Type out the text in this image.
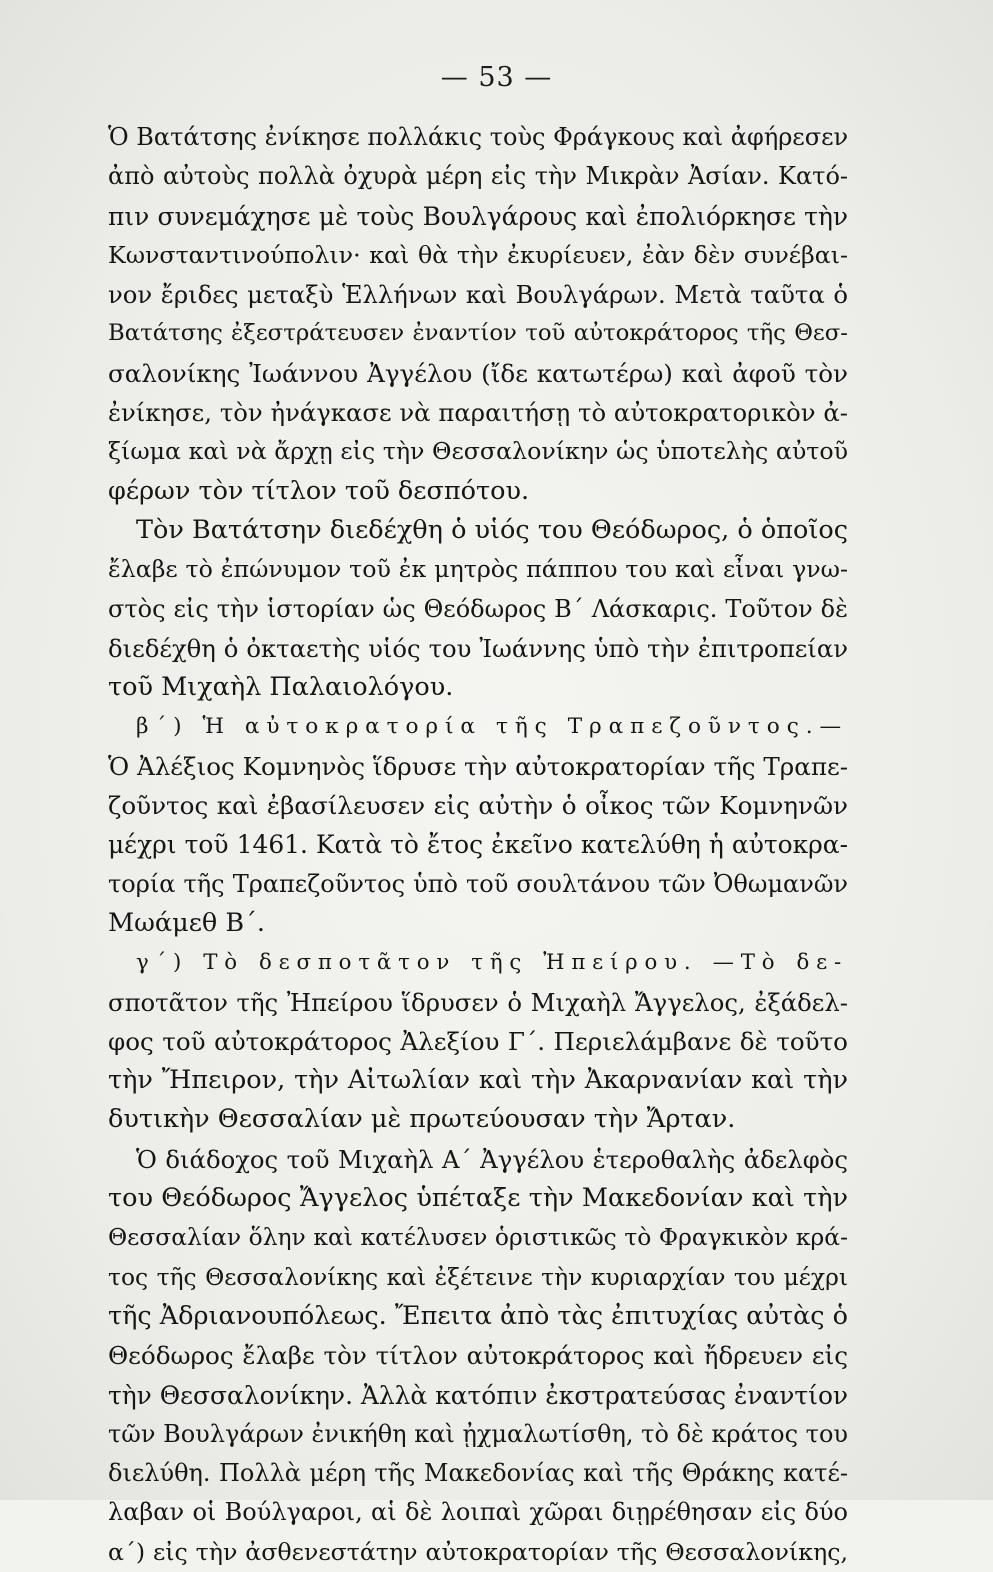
— 53 —
Ὁ Βατάτσης ἐνίκησε πολλάκις τοὺς Φράγκους καὶ ἀφήρεσεν
ἀπὸ αὐτοὺς πολλὰ ὀχυρὰ μέρη εἰς τὴν Μικρὰν Ἀσίαν. Κατό-
πιν συνεμάχησε μὲ τοὺς Βουλγάρους καὶ ἐπολιόρκησε τὴν
Κωνσταντινούπολιν· καὶ θὰ τὴν ἐκυρίευεν, ἐὰν δὲν συνέβαι-
νον ἔριδες μεταξὺ Ἑλλήνων καὶ Βουλγάρων. Μετὰ ταῦτα ὁ
Βατάτσης ἐξεστράτευσεν ἐναντίον τοῦ αὐτοκράτορος τῆς Θεσ-
σαλονίκης Ἰωάννου Ἀγγέλου (ἴδε κατωτέρω) καὶ ἀφοῦ τὸν
ἐνίκησε, τὸν ἠνάγκασε νὰ παραιτήσῃ τὸ αὐτοκρατορικὸν ἀ-
ξίωμα καὶ νὰ ἄρχῃ εἰς τὴν Θεσσαλονίκην ὡς ὑποτελὴς αὐτοῦ
φέρων τὸν τίτλον τοῦ δεσπότου.
Τὸν Βατάτσην διεδέχθη ὁ υἱός του Θεόδωρος, ὁ ὁποῖος
ἔλαβε τὸ ἐπώνυμον τοῦ ἐκ μητρὸς πάππου του καὶ εἶναι γνω-
στὸς εἰς τὴν ἱστορίαν ὡς Θεόδωρος Β΄ Λάσκαρις. Τοῦτον δὲ
διεδέχθη ὁ ὀκταετὴς υἱός του Ἰωάννης ὑπὸ τὴν ἐπιτροπείαν
τοῦ Μιχαὴλ Παλαιολόγου.
β΄) Ἡ αὐτοκρατορία τῆς Τραπεζοῦντος.—
Ὁ Ἀλέξιος Κομνηνὸς ἵδρυσε τὴν αὐτοκρατορίαν τῆς Τραπε-
ζοῦντος καὶ ἐβασίλευσεν εἰς αὐτὴν ὁ οἶκος τῶν Κομνηνῶν
μέχρι τοῦ 1461. Κατὰ τὸ ἔτος ἐκεῖνο κατελύθη ἡ αὐτοκρα-
τορία τῆς Τραπεζοῦντος ὑπὸ τοῦ σουλτάνου τῶν Ὀθωμανῶν
Μωάμεθ Β΄.
γ΄) Τὸ δεσποτᾶτον τῆς Ἠπείρου. —Τὸ δε-
σποτᾶτον τῆς Ἠπείρου ἵδρυσεν ὁ Μιχαὴλ Ἄγγελος, ἐξάδελ-
φος τοῦ αὐτοκράτορος Ἀλεξίου Γ΄. Περιελάμβανε δὲ τοῦτο
τὴν Ἤπειρον, τὴν Αἰτωλίαν καὶ τὴν Ἀκαρνανίαν καὶ τὴν
δυτικὴν Θεσσαλίαν μὲ πρωτεύουσαν τὴν Ἄρταν.
Ὁ διάδοχος τοῦ Μιχαὴλ Α΄ Ἀγγέλου ἑτεροθαλὴς ἀδελφὸς
του Θεόδωρος Ἄγγελος ὑπέταξε τὴν Μακεδονίαν καὶ τὴν
Θεσσαλίαν ὅλην καὶ κατέλυσεν ὁριστικῶς τὸ Φραγκικὸν κρά-
τος τῆς Θεσσαλονίκης καὶ ἐξέτεινε τὴν κυριαρχίαν του μέχρι
τῆς Ἀδριανουπόλεως. Ἔπειτα ἀπὸ τὰς ἐπιτυχίας αὐτὰς ὁ
Θεόδωρος ἔλαβε τὸν τίτλον αὐτοκράτορος καὶ ἤδρευεν εἰς
τὴν Θεσσαλονίκην. Ἀλλὰ κατόπιν ἐκστρατεύσας ἐναντίον
τῶν Βουλγάρων ἐνικήθη καὶ ᾐχμαλωτίσθη, τὸ δὲ κράτος του
διελύθη. Πολλὰ μέρη τῆς Μακεδονίας καὶ τῆς Θράκης κατέ-
λαβαν οἱ Βούλγαροι, αἱ δὲ λοιπαὶ χῶραι διῃρέθησαν εἰς δύο
α΄) εἰς τὴν ἀσθενεστάτην αὐτοκρατορίαν τῆς Θεσσαλονίκης,
